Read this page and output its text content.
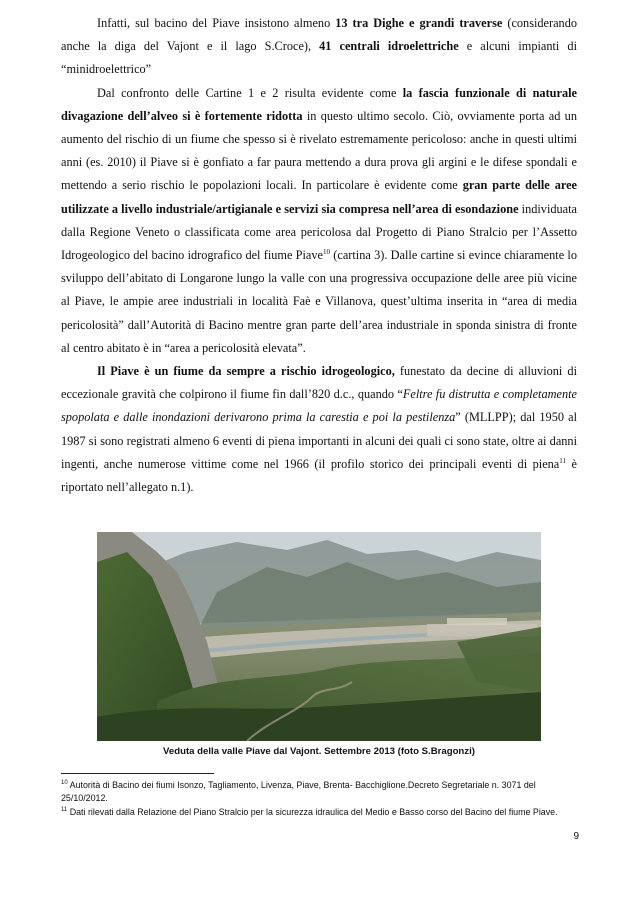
Infatti, sul bacino del Piave insistono almeno 13 tra Dighe e grandi traverse (considerando anche la diga del Vajont e il lago S.Croce), 41 centrali idroelettriche e alcuni impianti di “minidroelettrico”

Dal confronto delle Cartine 1 e 2 risulta evidente come la fascia funzionale di naturale divagazione dell’alveo si è fortemente ridotta in questo ultimo secolo. Ciò, ovviamente porta ad un aumento del rischio di un fiume che spesso si è rivelato estremamente pericoloso: anche in questi ultimi anni (es. 2010) il Piave si è gonfiato a far paura mettendo a dura prova gli argini e le difese spondali e mettendo a serio rischio le popolazioni locali. In particolare è evidente come gran parte delle aree utilizzate a livello industriale/artigianale e servizi sia compresa nell’area di esondazione individuata dalla Regione Veneto o classificata come area pericolosa dal Progetto di Piano Stralcio per l’Assetto Idrogeologico del bacino idrografico del fiume Piave$^{10}$ (cartina 3). Dalle cartine si evince chiaramente lo sviluppo dell’abitato di Longarone lungo la valle con una progressiva occupazione delle aree più vicine al Piave, le ampie aree industriali in località Faè e Villanova, quest’ultima inserita in “area di media pericolosità” dall’Autorità di Bacino mentre gran parte dell’area industriale in sponda sinistra di fronte al centro abitato è in “area a pericolosità elevata”.

Il Piave è un fiume da sempre a rischio idrogeologico, funestato da decine di alluvioni di eccezionale gravità che colpirono il fiume fin dall’820 d.c., quando “Feltre fu distrutta e completamente spopolata e dalle inondazioni derivarono prima la carestia e poi la pestilenza” (MLLPP); dal 1950 al 1987 si sono registrati almeno 6 eventi di piena importanti in alcuni dei quali ci sono state, oltre ai danni ingenti, anche numerose vittime come nel 1966 (il profilo storico dei principali eventi di piena$^{11}$ è riportato nell’allegato n.1).

Veduta della valle Piave dal Vajont. Settembre 2013 (foto S.Bragonzi)

$^{10}$ Autorità di Bacino dei fiumi Isonzo, Tagliamento, Livenza, Piave, Brenta- Bacchiglione.Decreto Segretariale n. 3071 del 25/10/2012.

$^{11}$ Dati rilevati dalla Relazione del Piano Stralcio per la sicurezza idraulica del Medio e Basso corso del Bacino del fiume Piave.

9
